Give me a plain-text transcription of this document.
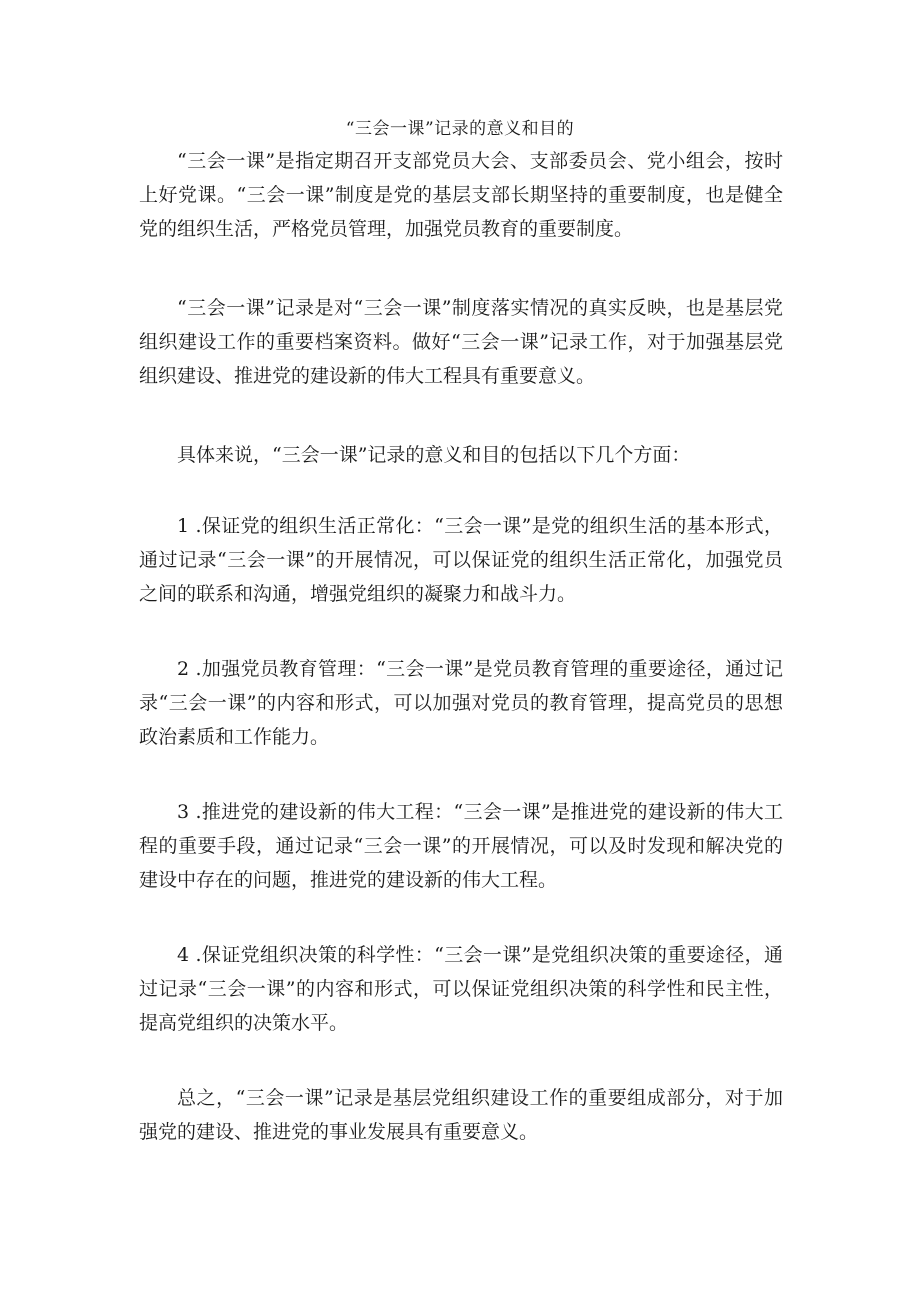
“三会一课”记录的意义和目的

“三会一课”是指定期召开支部党员大会、支部委员会、党小组会，按时上好党课。“三会一课”制度是党的基层支部长期坚持的重要制度，也是健全党的组织生活，严格党员管理，加强党员教育的重要制度。

“三会一课”记录是对“三会一课”制度落实情况的真实反映，也是基层党组织建设工作的重要档案资料。做好“三会一课”记录工作，对于加强基层党组织建设、推进党的建设新的伟大工程具有重要意义。

具体来说，“三会一课”记录的意义和目的包括以下几个方面：

1 .保证党的组织生活正常化：“三会一课”是党的组织生活的基本形式，通过记录“三会一课”的开展情况，可以保证党的组织生活正常化，加强党员之间的联系和沟通，增强党组织的凝聚力和战斗力。

2 .加强党员教育管理：“三会一课”是党员教育管理的重要途径，通过记录“三会一课”的内容和形式，可以加强对党员的教育管理，提高党员的思想政治素质和工作能力。

3 .推进党的建设新的伟大工程：“三会一课”是推进党的建设新的伟大工程的重要手段，通过记录“三会一课”的开展情况，可以及时发现和解决党的建设中存在的问题，推进党的建设新的伟大工程。

4 .保证党组织决策的科学性：“三会一课”是党组织决策的重要途径，通过记录“三会一课”的内容和形式，可以保证党组织决策的科学性和民主性，提高党组织的决策水平。

总之，“三会一课”记录是基层党组织建设工作的重要组成部分，对于加强党的建设、推进党的事业发展具有重要意义。
